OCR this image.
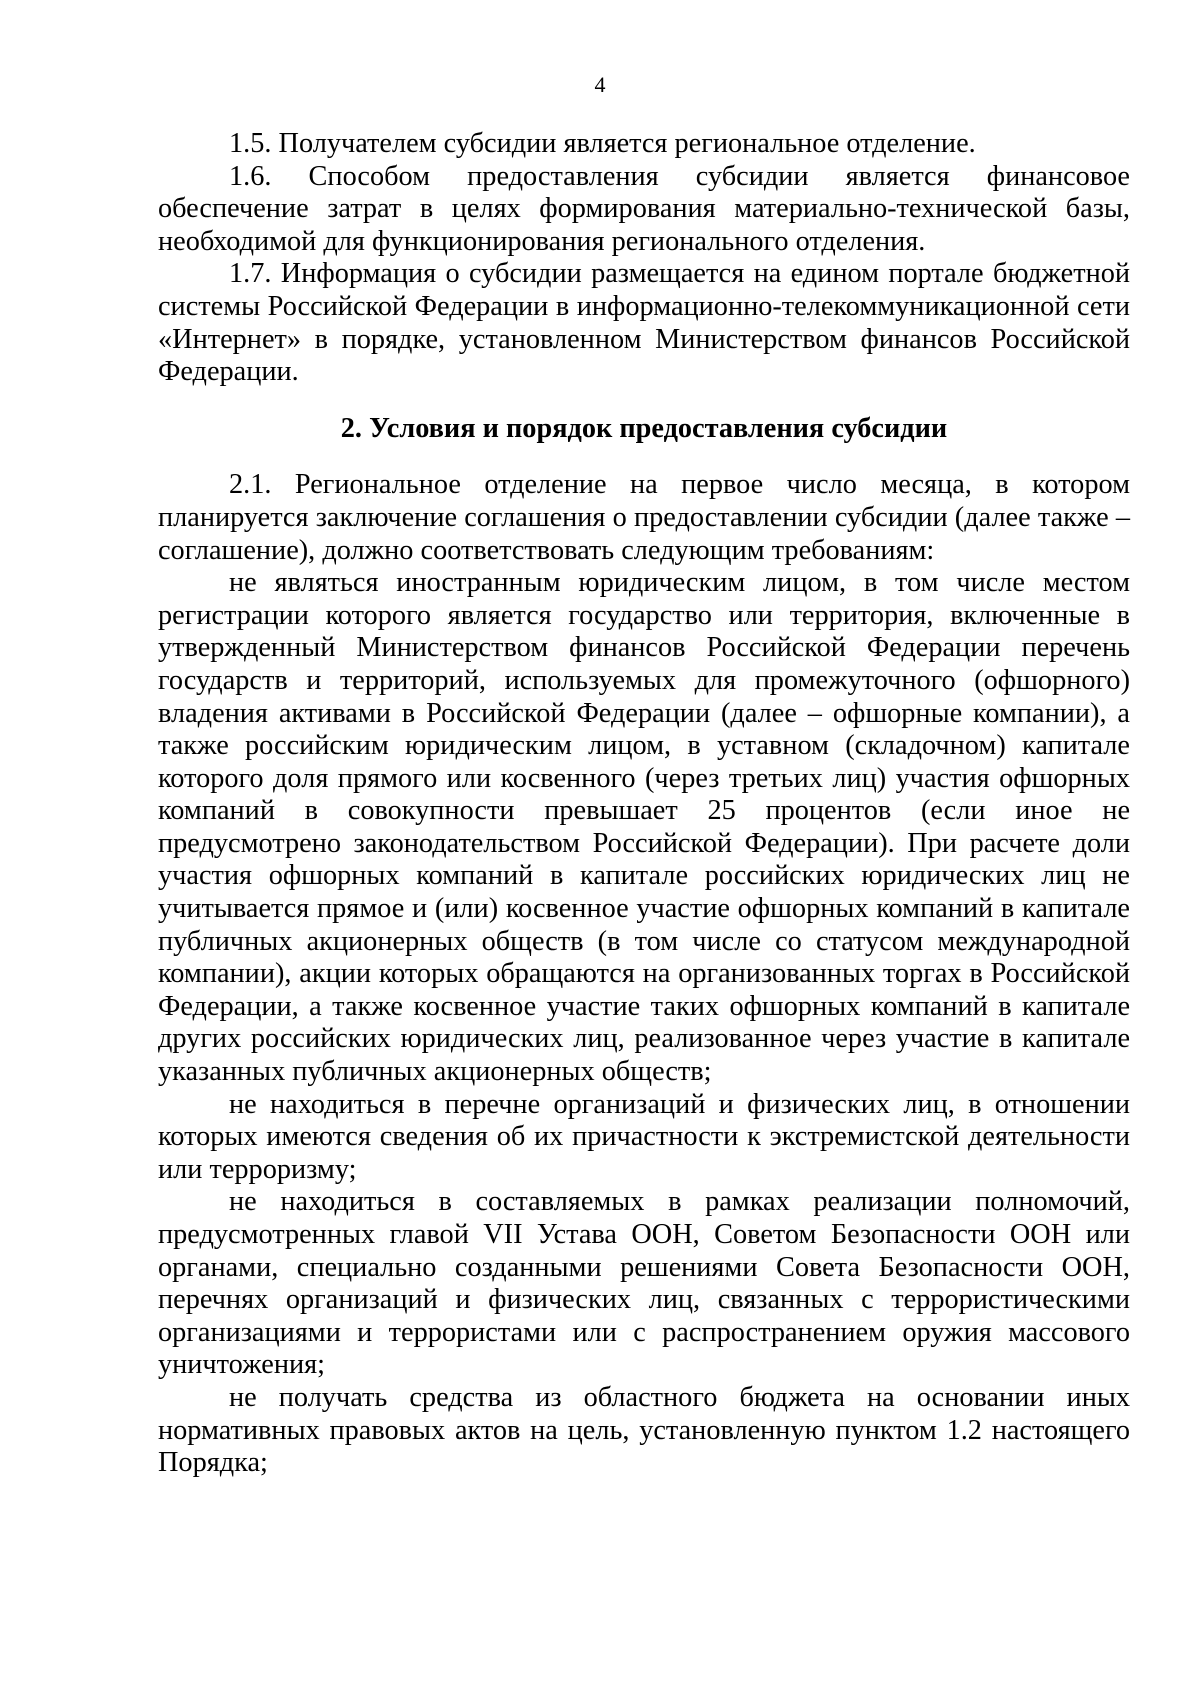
4

1.5. Получателем субсидии является региональное отделение.

1.6. Способом предоставления субсидии является финансовое обеспечение затрат в целях формирования материально-технической базы, необходимой для функционирования регионального отделения.

1.7. Информация о субсидии размещается на едином портале бюджетной системы Российской Федерации в информационно-телекоммуникационной сети «Интернет» в порядке, установленном Министерством финансов Российской Федерации.

2. Условия и порядок предоставления субсидии

2.1. Региональное отделение на первое число месяца, в котором планируется заключение соглашения о предоставлении субсидии (далее также – соглашение), должно соответствовать следующим требованиям:

не являться иностранным юридическим лицом, в том числе местом регистрации которого является государство или территория, включенные в утвержденный Министерством финансов Российской Федерации перечень государств и территорий, используемых для промежуточного (офшорного) владения активами в Российской Федерации (далее – офшорные компании), а также российским юридическим лицом, в уставном (складочном) капитале которого доля прямого или косвенного (через третьих лиц) участия офшорных компаний в совокупности превышает 25 процентов (если иное не предусмотрено законодательством Российской Федерации). При расчете доли участия офшорных компаний в капитале российских юридических лиц не учитывается прямое и (или) косвенное участие офшорных компаний в капитале публичных акционерных обществ (в том числе со статусом международной компании), акции которых обращаются на организованных торгах в Российской Федерации, а также косвенное участие таких офшорных компаний в капитале других российских юридических лиц, реализованное через участие в капитале указанных публичных акционерных обществ;

не находиться в перечне организаций и физических лиц, в отношении которых имеются сведения об их причастности к экстремистской деятельности или терроризму;

не находиться в составляемых в рамках реализации полномочий, предусмотренных главой VII Устава ООН, Советом Безопасности ООН или органами, специально созданными решениями Совета Безопасности ООН, перечнях организаций и физических лиц, связанных с террористическими организациями и террористами или с распространением оружия массового уничтожения;

не получать средства из областного бюджета на основании иных нормативных правовых актов на цель, установленную пунктом 1.2 настоящего Порядка;
